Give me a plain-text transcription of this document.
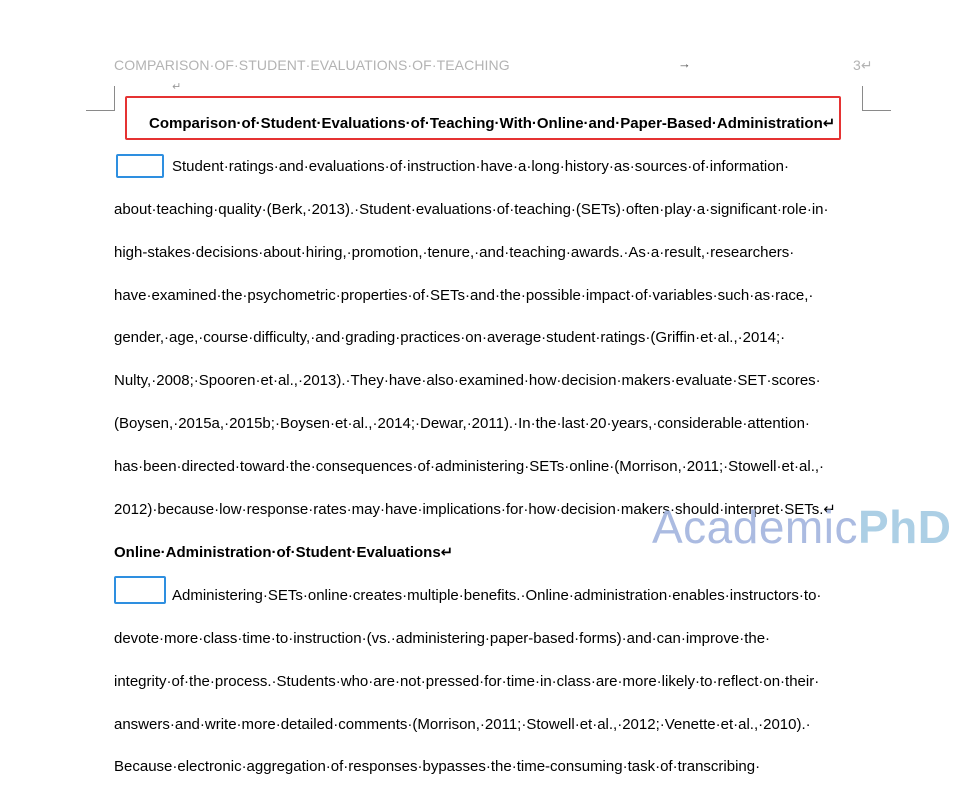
COMPARISON·OF·STUDENT·EVALUATIONS·OF·TEACHING	→	3↵
↵
Comparison·of·Student·Evaluations·of·Teaching·With·Online·and·Paper-Based·Administration↵
Student·ratings·and·evaluations·of·instruction·have·a·long·history·as·sources·of·information·
about·teaching·quality·(Berk,·2013).·Student·evaluations·of·teaching·(SETs)·often·play·a·significant·role·in·
high-stakes·decisions·about·hiring,·promotion,·tenure,·and·teaching·awards.·As·a·result,·researchers·
have·examined·the·psychometric·properties·of·SETs·and·the·possible·impact·of·variables·such·as·race,·
gender,·age,·course·difficulty,·and·grading·practices·on·average·student·ratings·(Griffin·et·al.,·2014;·
Nulty,·2008;·Spooren·et·al.,·2013).·They·have·also·examined·how·decision·makers·evaluate·SET·scores·
(Boysen,·2015a,·2015b;·Boysen·et·al.,·2014;·Dewar,·2011).·In·the·last·20·years,·considerable·attention·
has·been·directed·toward·the·consequences·of·administering·SETs·online·(Morrison,·2011;·Stowell·et·al.,·
2012)·because·low·response·rates·may·have·implications·for·how·decision·makers·should·interpret·SETs.↵
Online·Administration·of·Student·Evaluations↵
Administering·SETs·online·creates·multiple·benefits.·Online·administration·enables·instructors·to·
devote·more·class·time·to·instruction·(vs.·administering·paper-based·forms)·and·can·improve·the·
integrity·of·the·process.·Students·who·are·not·pressed·for·time·in·class·are·more·likely·to·reflect·on·their·
answers·and·write·more·detailed·comments·(Morrison,·2011;·Stowell·et·al.,·2012;·Venette·et·al.,·2010).·
Because·electronic·aggregation·of·responses·bypasses·the·time-consuming·task·of·transcribing·
AcademicPhD
